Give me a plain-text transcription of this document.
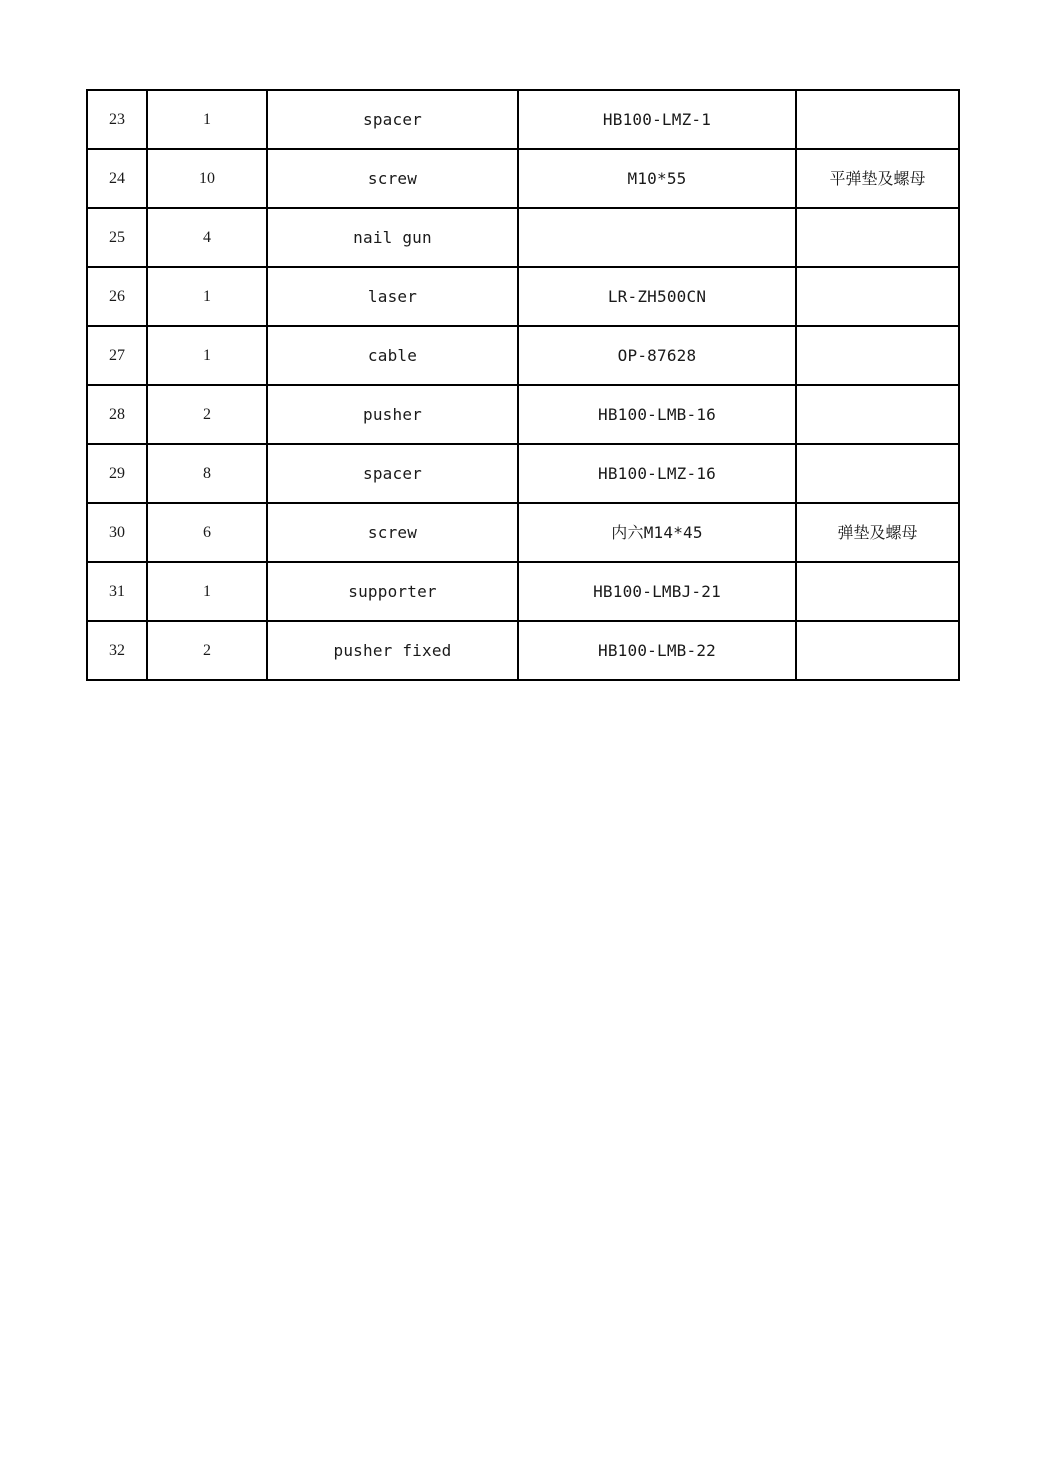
23	1	spacer	HB100-LMZ-1	
24	10	screw	M10*55	平弹垫及螺母
25	4	nail gun		
26	1	laser	LR-ZH500CN	
27	1	cable	OP-87628	
28	2	pusher	HB100-LMB-16	
29	8	spacer	HB100-LMZ-16	
30	6	screw	内六M14*45	弹垫及螺母
31	1	supporter	HB100-LMBJ-21	
32	2	pusher fixed	HB100-LMB-22	
